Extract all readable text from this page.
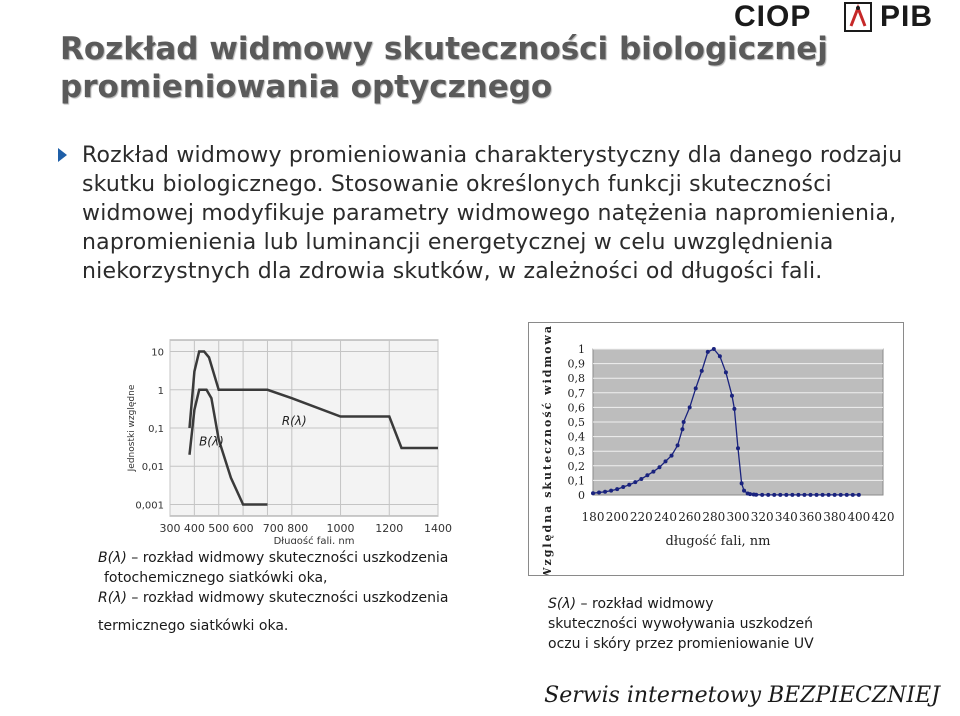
CIOP PIB
Rozkład widmowy skuteczności biologicznej promieniowania optycznego

Rozkład widmowy promieniowania charakterystyczny dla danego rodzaju skutku biologicznego. Stosowanie określonych funkcji skuteczności widmowej modyfikuje parametry widmowego natężenia napromienienia, napromienienia lub luminancji energetycznej w celu uwzględnienia niekorzystnych dla zdrowia skutków, w zależności od długości fali.

300 400 500 600 700 800 1000 1200 1400
10
1
0,1
0,01
0,001
B(λ)
R(λ)
Jednostki względne
Długość fali, nm
0
0,1
0,2
0,3
0,4
0,5
0,6
0,7
0,8
0,9
1
180 200 220 240 260 280 300 320 340 360 380 400 420
Względna skuteczność widmowa S(λ)	długość fali, nm
B(λ) – rozkład widmowy skuteczności uszkodzenia
fotochemicznego siatkówki oka,
R(λ) – rozkład widmowy skuteczności uszkodzenia
termicznego siatkówki oka.
S(λ) – rozkład widmowy
skuteczności wywoływania uszkodzeń
oczu i skóry przez promieniowanie UV
Serwis internetowy BEZPIECZNIEJ
